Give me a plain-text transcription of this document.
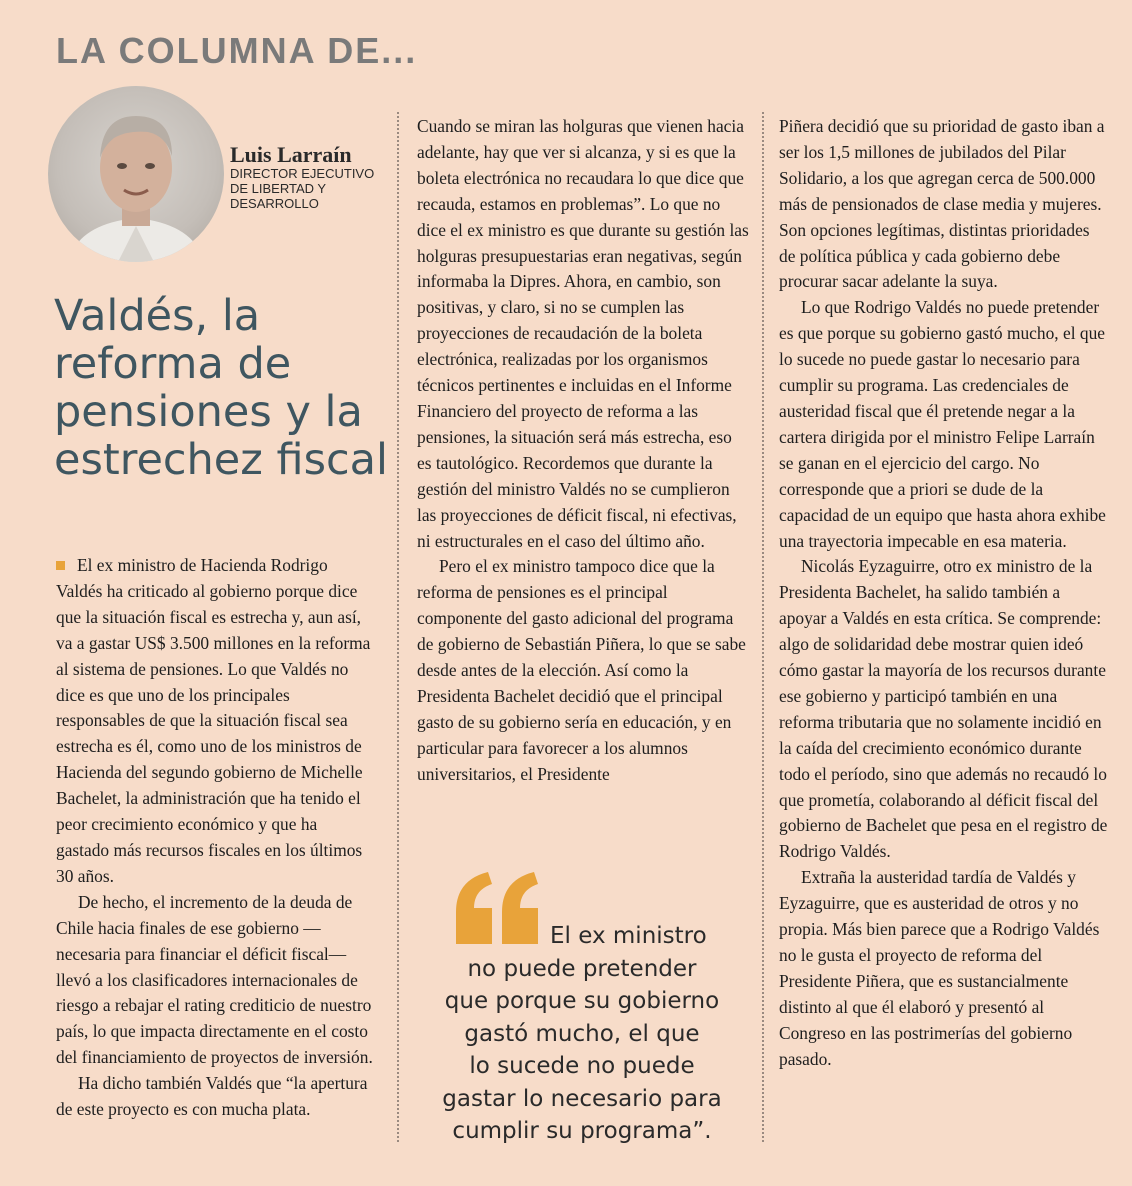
LA COLUMNA DE...
Luis Larraín
DIRECTOR EJECUTIVO
DE LIBERTAD Y
DESARROLLO
Valdés, la
reforma de
pensiones y la
estrechez fiscal

El ex ministro de Hacienda Rodrigo Valdés ha criticado al gobierno porque dice que la situación fiscal es estrecha y, aun así, va a gastar US$ 3.500 millones en la reforma al sistema de pensiones. Lo que Valdés no dice es que uno de los principales responsables de que la situación fiscal sea estrecha es él, como uno de los ministros de Hacienda del segundo gobierno de Michelle Bachelet, la administración que ha tenido el peor crecimiento económico y que ha gastado más recursos fiscales en los últimos 30 años.

De hecho, el incremento de la deuda de Chile hacia finales de ese gobierno —necesaria para financiar el déficit fiscal— llevó a los clasificadores internacionales de riesgo a rebajar el rating crediticio de nuestro país, lo que impacta directamente en el costo del financiamiento de proyectos de inversión.

Ha dicho también Valdés que “la apertura de este proyecto es con mucha plata.

Cuando se miran las holguras que vienen hacia adelante, hay que ver si alcanza, y si es que la boleta electrónica no recaudara lo que dice que recauda, estamos en problemas”. Lo que no dice el ex ministro es que durante su gestión las holguras presupuestarias eran negativas, según informaba la Dipres. Ahora, en cambio, son positivas, y claro, si no se cumplen las proyecciones de recaudación de la boleta electrónica, realizadas por los organismos técnicos pertinentes e incluidas en el Informe Financiero del proyecto de reforma a las pensiones, la situación será más estrecha, eso es tautológico. Recordemos que durante la gestión del ministro Valdés no se cumplieron las proyecciones de déficit fiscal, ni efectivas, ni estructurales en el caso del último año.

Pero el ex ministro tampoco dice que la reforma de pensiones es el principal componente del gasto adicional del programa de gobierno de Sebastián Piñera, lo que se sabe desde antes de la elección. Así como la Presidenta Bachelet decidió que el principal gasto de su gobierno sería en educación, y en particular para favorecer a los alumnos universitarios, el Presidente

El ex ministro
no puede pretender
que porque su gobierno
gastó mucho, el que
lo sucede no puede
gastar lo necesario para
cumplir su programa”.

Piñera decidió que su prioridad de gasto iban a ser los 1,5 millones de jubilados del Pilar Solidario, a los que agregan cerca de 500.000 más de pensionados de clase media y mujeres. Son opciones legítimas, distintas prioridades de política pública y cada gobierno debe procurar sacar adelante la suya.

Lo que Rodrigo Valdés no puede pretender es que porque su gobierno gastó mucho, el que lo sucede no puede gastar lo necesario para cumplir su programa. Las credenciales de austeridad fiscal que él pretende negar a la cartera dirigida por el ministro Felipe Larraín se ganan en el ejercicio del cargo. No corresponde que a priori se dude de la capacidad de un equipo que hasta ahora exhibe una trayectoria impecable en esa materia.

Nicolás Eyzaguirre, otro ex ministro de la Presidenta Bachelet, ha salido también a apoyar a Valdés en esta crítica. Se comprende: algo de solidaridad debe mostrar quien ideó cómo gastar la mayoría de los recursos durante ese gobierno y participó también en una reforma tributaria que no solamente incidió en la caída del crecimiento económico durante todo el período, sino que además no recaudó lo que prometía, colaborando al déficit fiscal del gobierno de Bachelet que pesa en el registro de Rodrigo Valdés.

Extraña la austeridad tardía de Valdés y Eyzaguirre, que es austeridad de otros y no propia. Más bien parece que a Rodrigo Valdés no le gusta el proyecto de reforma del Presidente Piñera, que es sustancialmente distinto al que él elaboró y presentó al Congreso en las postrimerías del gobierno pasado.
